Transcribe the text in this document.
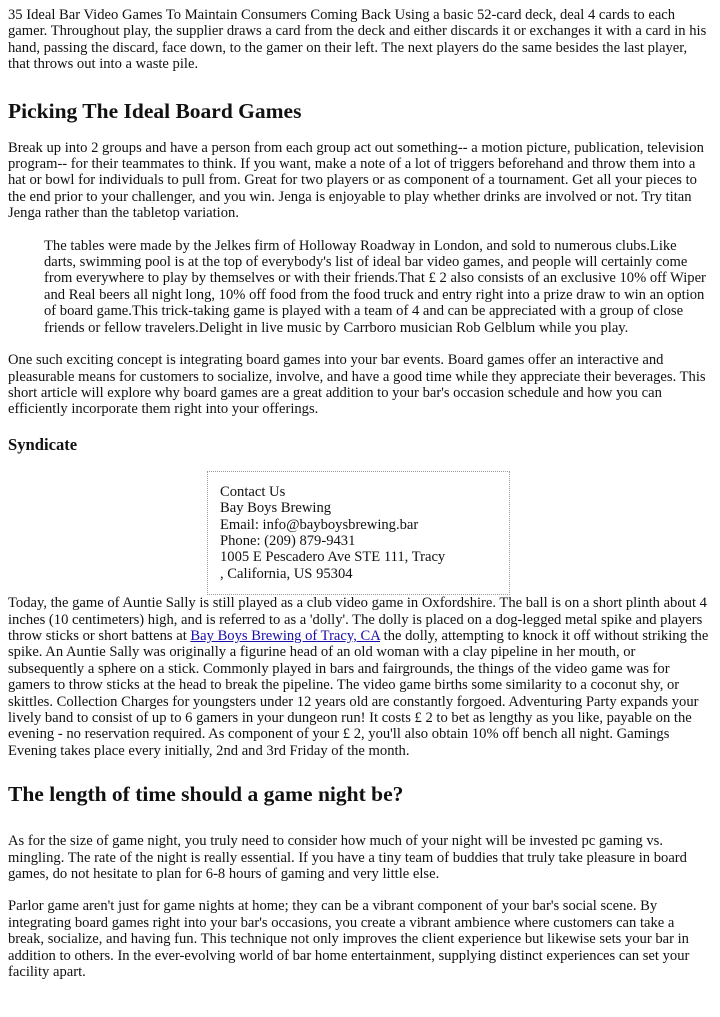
35 Ideal Bar Video Games To Maintain Consumers Coming Back Using a basic 52-card deck, deal 4 cards to each gamer. Throughout play, the supplier draws a card from the deck and either discards it or exchanges it with a card in his hand, passing the discard, face down, to the gamer on their left. The next players do the same besides the last player, that throws out into a waste pile.

Picking The Ideal Board Games

Break up into 2 groups and have a person from each group act out something-- a motion picture, publication, television program-- for their teammates to think. If you want, make a note of a lot of triggers beforehand and throw them into a hat or bowl for individuals to pull from. Great for two players or as component of a tournament. Get all your pieces to the end prior to your challenger, and you win. Jenga is enjoyable to play whether drinks are involved or not. Try titan Jenga rather than the tabletop variation.

The tables were made by the Jelkes firm of Holloway Roadway in London, and sold to numerous clubs.Like darts, swimming pool is at the top of everybody's list of ideal bar video games, and people will certainly come from everywhere to play by themselves or with their friends.That £ 2 also consists of an exclusive 10% off Wiper and Real beers all night long, 10% off food from the food truck and entry right into a prize draw to win an option of board game.This trick-taking game is played with a team of 4 and can be appreciated with a group of close friends or fellow travelers.Delight in live music by Carrboro musician Rob Gelblum while you play.

One such exciting concept is integrating board games into your bar events. Board games offer an interactive and pleasurable means for customers to socialize, involve, and have a good time while they appreciate their beverages. This short article will explore why board games are a great addition to your bar's occasion schedule and how you can efficiently incorporate them right into your offerings.

Syndicate
Contact Us
Bay Boys Brewing
Email: info@bayboysbrewing.bar
Phone: (209) 879-9431
1005 E Pescadero Ave STE 111, Tracy
, California, US 95304

Today, the game of Auntie Sally is still played as a club video game in Oxfordshire. The ball is on a short plinth about 4 inches (10 centimeters) high, and is referred to as a 'dolly'. The dolly is placed on a dog-legged metal spike and players throw sticks or short battens at Bay Boys Brewing of Tracy, CA the dolly, attempting to knock it off without striking the spike. An Auntie Sally was originally a figurine head of an old woman with a clay pipeline in her mouth, or subsequently a sphere on a stick. Commonly played in bars and fairgrounds, the things of the video game was for gamers to throw sticks at the head to break the pipeline. The video game births some similarity to a coconut shy, or skittles. Collection Charges for youngsters under 12 years old are constantly forgoed. Adventuring Party expands your lively band to consist of up to 6 gamers in your dungeon run! It costs £ 2 to bet as lengthy as you like, payable on the evening - no reservation required. As component of your £ 2, you'll also obtain 10% off bench all night. Gamings Evening takes place every initially, 2nd and 3rd Friday of the month.

The length of time should a game night be?

As for the size of game night, you truly need to consider how much of your night will be invested pc gaming vs. mingling. The rate of the night is really essential. If you have a tiny team of buddies that truly take pleasure in board games, do not hesitate to plan for 6-8 hours of gaming and very little else.

Parlor game aren't just for game nights at home; they can be a vibrant component of your bar's social scene. By integrating board games right into your bar's occasions, you create a vibrant ambience where customers can take a break, socialize, and having fun. This technique not only improves the client experience but likewise sets your bar in addition to others. In the ever-evolving world of bar home entertainment, supplying distinct experiences can set your facility apart.
